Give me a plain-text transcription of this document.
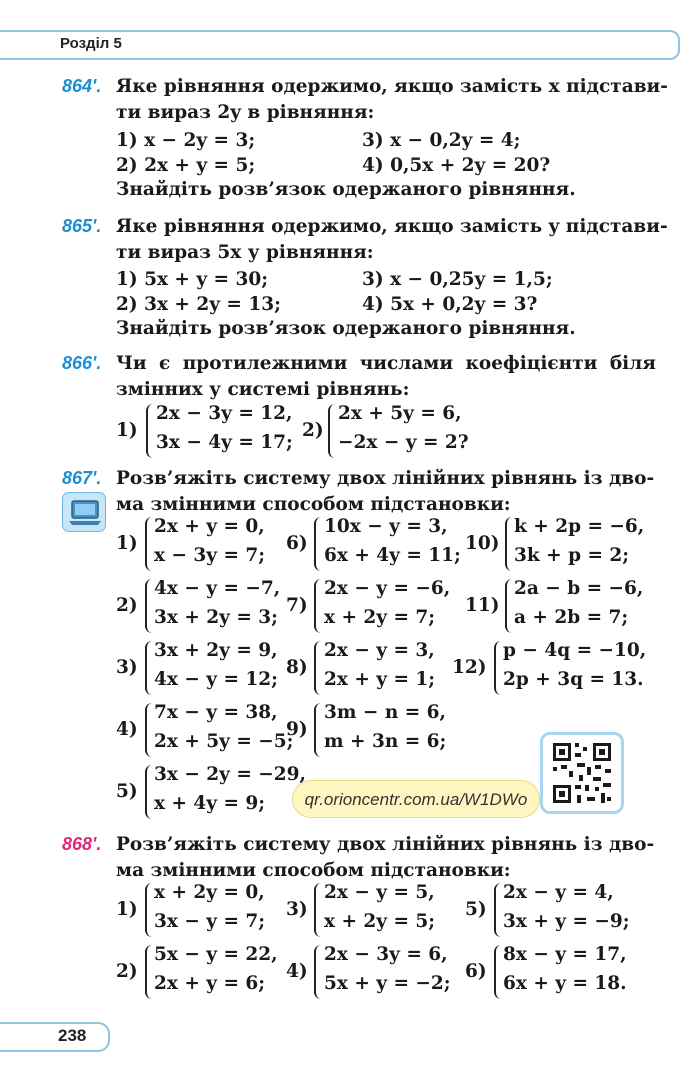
Розділ 5
864'. Яке рівняння одержимо, якщо замість x підстави-
ти вираз 2y в рівняння:
1) x − 2y = 3;	3) x − 0,2y = 4;
2) 2x + y = 5;	4) 0,5x + 2y = 20?
Знайдіть розв’язок одержаного рівняння.
865'. Яке рівняння одержимо, якщо замість y підстави-
ти вираз 5x у рівняння:
1) 5x + y = 30;	3) x − 0,25y = 1,5;
2) 3x + 2y = 13;	4) 5x + 0,2y = 3?
Знайдіть розв’язок одержаного рівняння.
866'. Чи є протилежними числами коефіцієнти біля
змінних у системі рівнянь:
1)
2x − 3y = 12,
3x − 4y = 17;
2)
2x + 5y = 6,
−2x − y = 2?
867'. Розв’яжіть систему двох лінійних рівнянь із дво-
ма змінними способом підстановки:
1)
2x + y = 0,
x − 3y = 7;
6)
10x − y = 3,
6x + 4y = 11;
10)
k + 2p = −6,
3k + p = 2;
2)
4x − y = −7,
3x + 2y = 3;
7)
2x − y = −6,
x + 2y = 7;
11)
2a − b = −6,
a + 2b = 7;
3)
3x + 2y = 9,
4x − y = 12;
8)
2x − y = 3,
2x + y = 1;
12)
p − 4q = −10,
2p + 3q = 13.
4)
7x − y = 38,
2x + 5y = −5;
9)
3m − n = 6,
m + 3n = 6;
5)
3x − 2y = −29,
x + 4y = 9;	qr.orioncentr.com.ua/W1DWo
868'. Розв’яжіть систему двох лінійних рівнянь із дво-
ма змінними способом підстановки:
1)
x + 2y = 0,
3x − y = 7;
3)
2x − y = 5,
x + 2y = 5;
5)
2x − y = 4,
3x + y = −9;
2)
5x − y = 22,
2x + y = 6;
4)
2x − 3y = 6,
5x + y = −2;
6)
8x − y = 17,
6x + y = 18.
238
